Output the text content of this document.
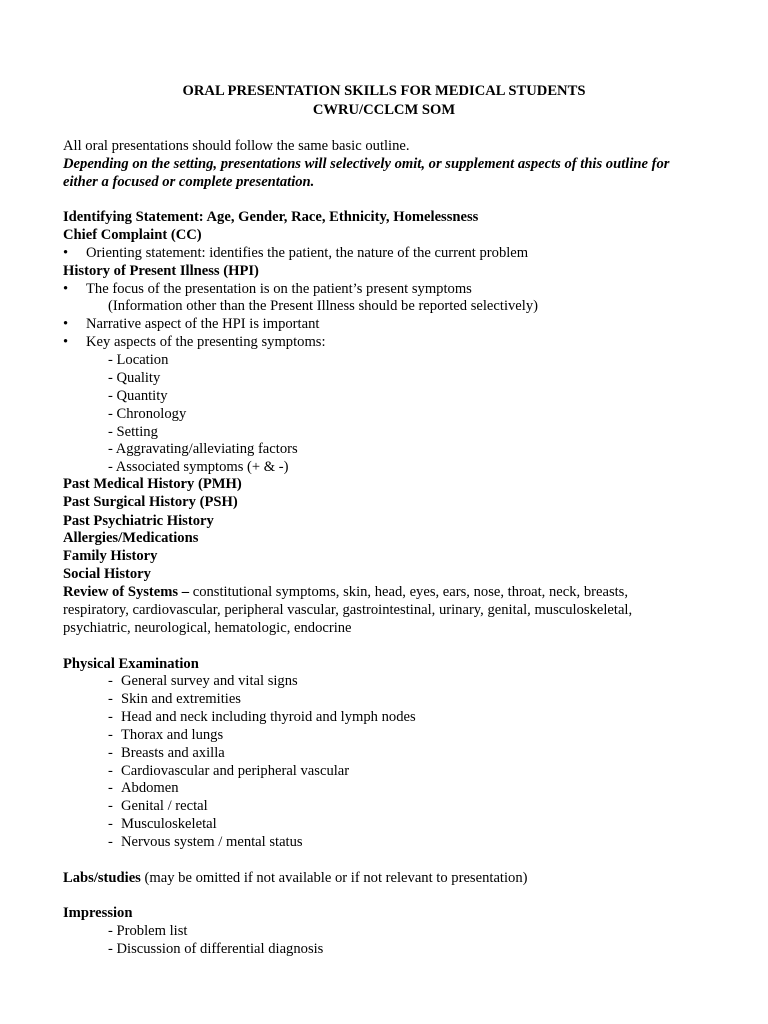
ORAL PRESENTATION SKILLS FOR MEDICAL STUDENTS
CWRU/CCLCM SOM
All oral presentations should follow the same basic outline.
Depending on the setting, presentations will selectively omit, or supplement aspects of this outline for
either a focused or complete presentation.
Identifying Statement: Age, Gender, Race, Ethnicity, Homelessness
Chief Complaint (CC)
• Orienting statement: identifies the patient, the nature of the current problem
History of Present Illness (HPI)
• The focus of the presentation is on the patient’s present symptoms
(Information other than the Present Illness should be reported selectively)
• Narrative aspect of the HPI is important
• Key aspects of the presenting symptoms:
- Location
- Quality
- Quantity
- Chronology
- Setting
- Aggravating/alleviating factors
- Associated symptoms (+ & -)
Past Medical History (PMH)
Past Surgical History (PSH)
Past Psychiatric History
Allergies/Medications
Family History
Social History
Review of Systems – constitutional symptoms, skin, head, eyes, ears, nose, throat, neck, breasts,
respiratory, cardiovascular, peripheral vascular, gastrointestinal, urinary, genital, musculoskeletal,
psychiatric, neurological, hematologic, endocrine
Physical Examination
- General survey and vital signs
- Skin and extremities
- Head and neck including thyroid and lymph nodes
- Thorax and lungs
- Breasts and axilla
- Cardiovascular and peripheral vascular
- Abdomen
- Genital / rectal
- Musculoskeletal
- Nervous system / mental status
Labs/studies (may be omitted if not available or if not relevant to presentation)
Impression
- Problem list
- Discussion of differential diagnosis
